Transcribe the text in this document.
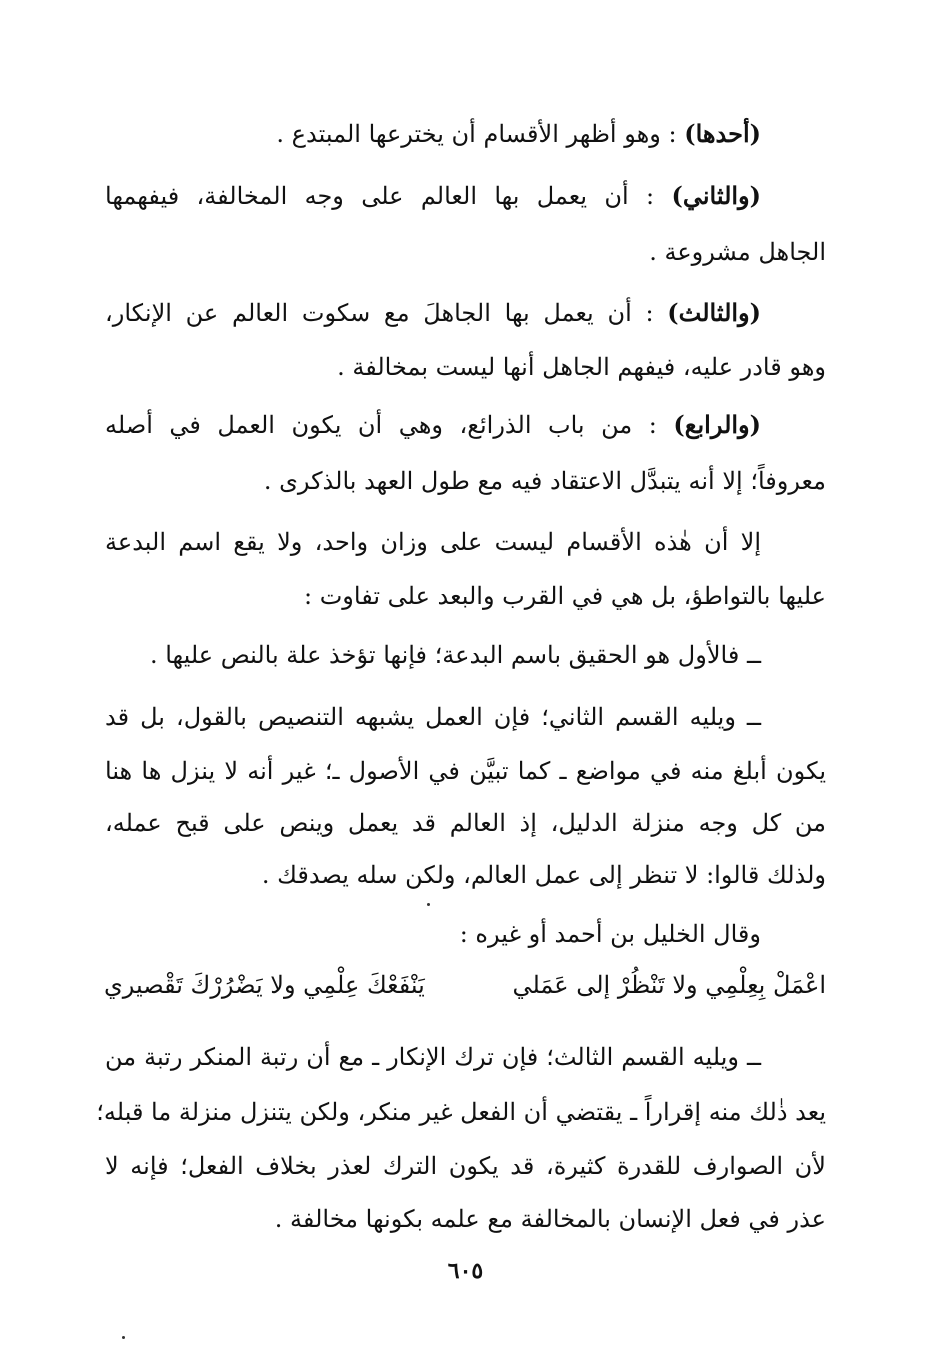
(أحدها) : وهو أظهر الأقسام أن يخترعها المبتدع .
(والثاني) : أن يعمل بها العالم على وجه المخالفة، فيفهمها
الجاهل مشروعة .
(والثالث) : أن يعمل بها الجاهلَ مع سكوت العالم عن الإنكار،
وهو قادر عليه، فيفهم الجاهل أنها ليست بمخالفة .
(والرابع) : من باب الذرائع، وهي أن يكون العمل في أصله
معروفاً؛ إلا أنه يتبدَّل الاعتقاد فيه مع طول العهد بالذكرى .
إلا أن هٰذه الأقسام ليست على وزان واحد، ولا يقع اسم البدعة
عليها بالتواطؤ، بل هي في القرب والبعد على تفاوت :
ــ فالأول هو الحقيق باسم البدعة؛ فإنها تؤخذ علة بالنص عليها .
ــ ويليه القسم الثاني؛ فإن العمل يشبهه التنصيص بالقول، بل قد
يكون أبلغ منه في مواضع ـ كما تبيَّن في الأصول ـ؛ غير أنه لا ينزل ها هنا
من كل وجه منزلة الدليل، إذ العالم قد يعمل وينص على قبح عمله،
ولذلك قالوا: لا تنظر إلى عمل العالم، ولكن سله يصدقك .
وقال الخليل بن أحمد أو غيره :
اعْمَلْ بِعِلْمِي ولا تَنْظُرْ إلى عَمَلي
يَنْفَعْكَ عِلْمِي ولا يَضْرُرْكَ تَقْصيري
ــ ويليه القسم الثالث؛ فإن ترك الإنكار ـ مع أن رتبة المنكر رتبة من
يعد ذٰلك منه إقراراً ـ يقتضي أن الفعل غير منكر، ولكن يتنزل منزلة ما قبله؛
لأن الصوارف للقدرة كثيرة، قد يكون الترك لعذر بخلاف الفعل؛ فإنه لا
عذر في فعل الإنسان بالمخالفة مع علمه بكونها مخالفة .
٦٠٥
